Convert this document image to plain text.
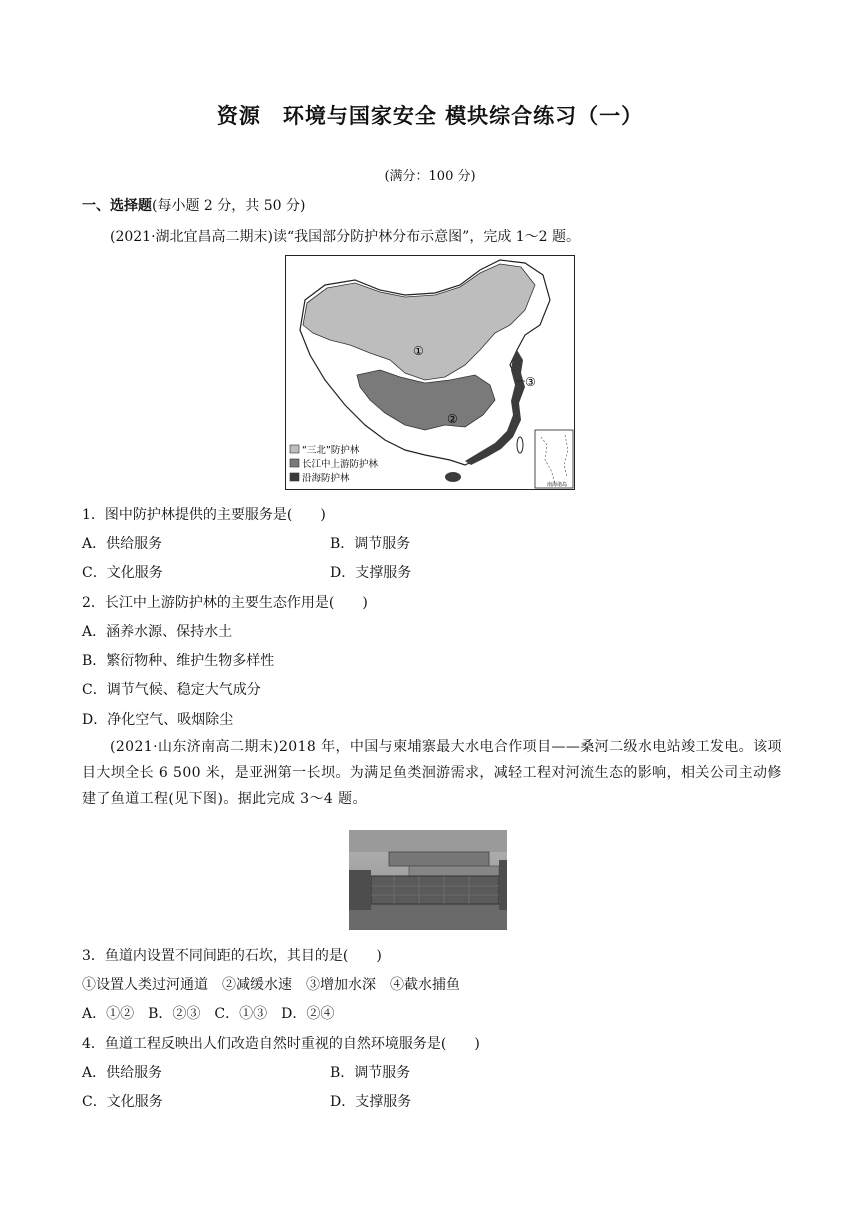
资源　环境与国家安全 模块综合练习（一）
(满分：100 分)
一、选择题(每小题 2 分，共 50 分)
(2021·湖北宜昌高二期末)读“我国部分防护林分布示意图”，完成 1～2 题。
①
②
③
“三北”防护林
长江中上游防护林
沿海防护林
南海诸岛
1．图中防护林提供的主要服务是(　　)
A．供给服务	B．调节服务
C．文化服务	D．支撑服务
2．长江中上游防护林的主要生态作用是(　　)
A．涵养水源、保持水土
B．繁衍物种、维护生物多样性
C．调节气候、稳定大气成分
D．净化空气、吸烟除尘
(2021·山东济南高二期末)2018 年，中国与柬埔寨最大水电合作项目——桑河二级水电站竣工发电。该项目大坝全长 6 500 米，是亚洲第一长坝。为满足鱼类洄游需求，减轻工程对河流生态的影响，相关公司主动修建了鱼道工程(见下图)。据此完成 3～4 题。
3．鱼道内设置不同间距的石坎，其目的是(　　)
①设置人类过河通道　②减缓水速　③增加水深　④截水捕鱼
A．①②　B．②③　C．①③　D．②④
4．鱼道工程反映出人们改造自然时重视的自然环境服务是(　　)
A．供给服务	B．调节服务
C．文化服务	D．支撑服务
